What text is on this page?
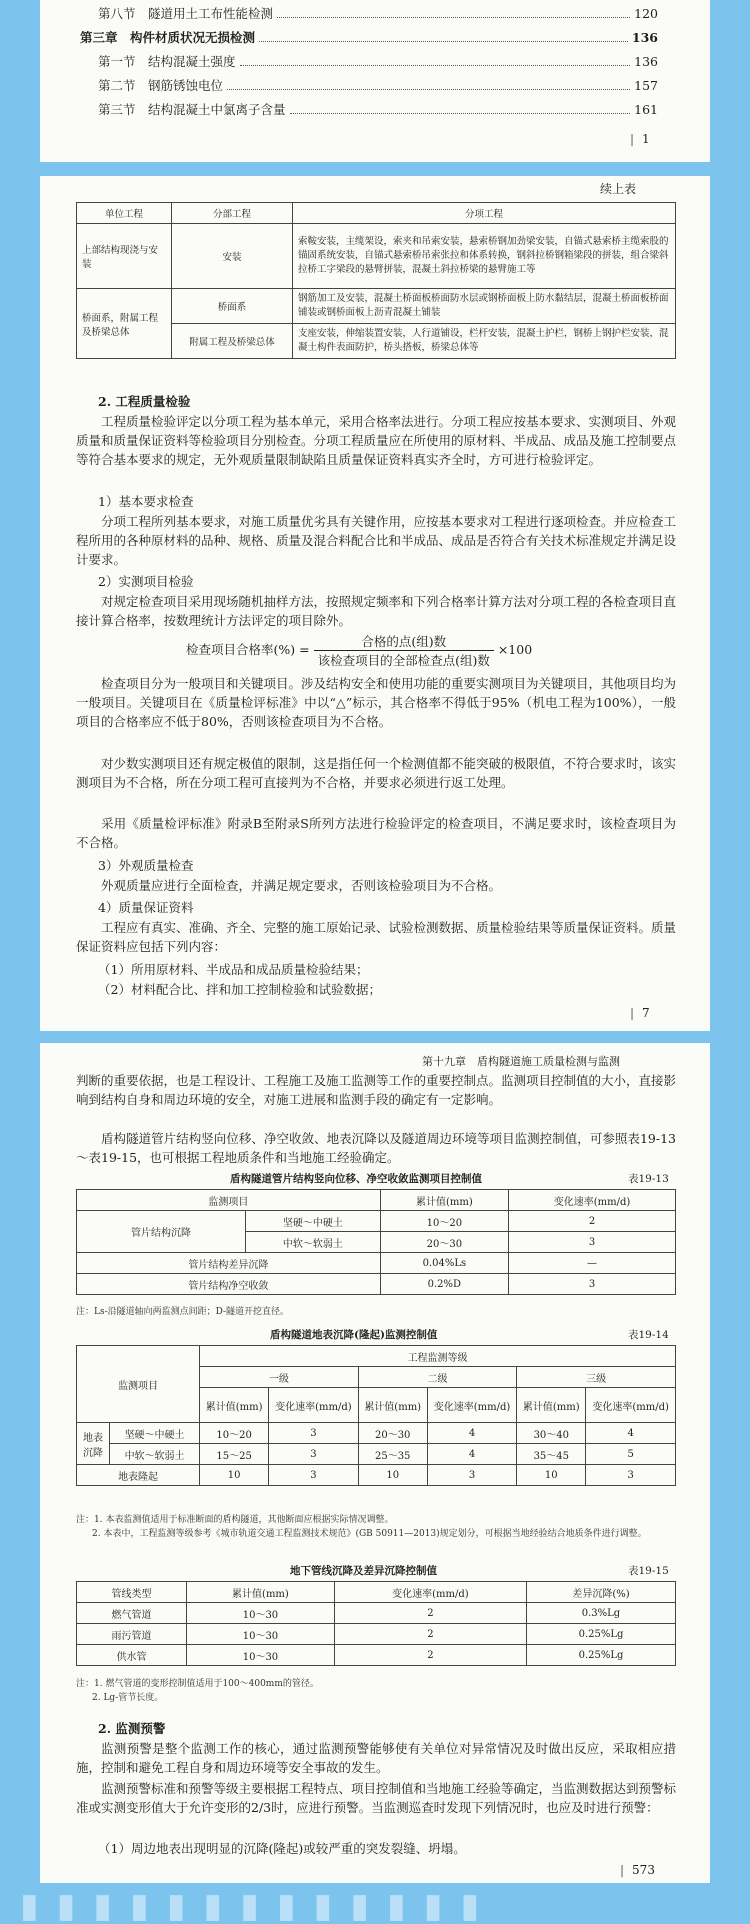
第八节　隧道用土工布性能检测	120
第三章　构件材质状况无损检测	136
第一节　结构混凝土强度	136
第二节　钢筋锈蚀电位	157
第三节　结构混凝土中氯离子含量	161
| 1
续上表
单位工程	分部工程	分项工程
上部结构现浇与安装	安装	索鞍安装，主缆架设，索夹和吊索安装，悬索桥钢加劲梁安装，自锚式悬索桥主缆索股的锚固系统安装，自锚式悬索桥吊索张拉和体系转换，钢斜拉桥钢箱梁段的拼装，组合梁斜拉桥工字梁段的悬臂拼装，混凝土斜拉桥梁的悬臂施工等
桥面系，附属工程及桥梁总体	桥面系	钢筋加工及安装，混凝土桥面板桥面防水层或钢桥面板上防水黏结层，混凝土桥面板桥面铺装或钢桥面板上沥青混凝土铺装
	附属工程及桥梁总体	支座安装，伸缩装置安装，人行道铺设，栏杆安装，混凝土护栏，钢桥上钢护栏安装，混凝土构件表面防护，桥头搭板，桥梁总体等
2. 工程质量检验
工程质量检验评定以分项工程为基本单元，采用合格率法进行。分项工程应按基本要求、实测项目、外观质量和质量保证资料等检验项目分别检查。分项工程质量应在所使用的原材料、半成品、成品及施工控制要点等符合基本要求的规定，无外观质量限制缺陷且质量保证资料真实齐全时，方可进行检验评定。
1）基本要求检查
分项工程所列基本要求，对施工质量优劣具有关键作用，应按基本要求对工程进行逐项检查。并应检查工程所用的各种原材料的品种、规格、质量及混合料配合比和半成品、成品是否符合有关技术标准规定并满足设计要求。
2）实测项目检验
对规定检查项目采用现场随机抽样方法，按照规定频率和下列合格率计算方法对分项工程的各检查项目直接计算合格率，按数理统计方法评定的项目除外。
检查项目合格率(%) = $\frac{\text{合格的点(组)数}}{\text{该检查项目的全部检查点(组)数}} \times 100$
检查项目分为一般项目和关键项目。涉及结构安全和使用功能的重要实测项目为关键项目，其他项目均为一般项目。关键项目在《质量检评标准》中以“△”标示，其合格率不得低于95%（机电工程为100%），一般项目的合格率应不低于80%，否则该检查项目为不合格。
对少数实测项目还有规定极值的限制，这是指任何一个检测值都不能突破的极限值，不符合要求时，该实测项目为不合格，所在分项工程可直接判为不合格，并要求必须进行返工处理。
采用《质量检评标准》附录B至附录S所列方法进行检验评定的检查项目，不满足要求时，该检查项目为不合格。
3）外观质量检查
外观质量应进行全面检查，并满足规定要求，否则该检验项目为不合格。
4）质量保证资料
工程应有真实、准确、齐全、完整的施工原始记录、试验检测数据、质量检验结果等质量保证资料。质量保证资料应包括下列内容：
（1）所用原材料、半成品和成品质量检验结果；
（2）材料配合比、拌和加工控制检验和试验数据；
| 7
第十九章　盾构隧道施工质量检测与监测
判断的重要依据，也是工程设计、工程施工及施工监测等工作的重要控制点。监测项目控制值的大小，直接影响到结构自身和周边环境的安全，对施工进展和监测手段的确定有一定影响。
盾构隧道管片结构竖向位移、净空收敛、地表沉降以及隧道周边环境等项目监测控制值，可参照表19-13～表19-15，也可根据工程地质条件和当地施工经验确定。
盾构隧道管片结构竖向位移、净空收敛监测项目控制值	表19-13
监测项目		累计值(mm)	变化速率(mm/d)
管片结构沉降	坚硬～中硬土	10～20	2
	中软～软弱土	20～30	3
管片结构差异沉降		0.04%Ls	—
管片结构净空收敛		0.2%D	3
注：Ls-沿隧道轴向两监测点间距；D-隧道开挖直径。
盾构隧道地表沉降(隆起)监测控制值	表19-14
监测项目		工程监测等级					
		一级		二级		三级	
		累计值(mm)	变化速率(mm/d)	累计值(mm)	变化速率(mm/d)	累计值(mm)	变化速率(mm/d)
地表沉降	坚硬～中硬土	10～20	3	20～30	4	30～40	4
	中软～软弱土	15～25	3	25～35	4	35～45	5
地表隆起		10	3	10	3	10	3
注：1. 本表监测值适用于标准断面的盾构隧道，其他断面应根据实际情况调整。
2. 本表中，工程监测等级参考《城市轨道交通工程监测技术规范》(GB 50911—2013)规定划分，可根据当地经验结合地质条件进行调整。
地下管线沉降及差异沉降控制值	表19-15
管线类型	累计值(mm)	变化速率(mm/d)	差异沉降(%)
燃气管道	10～30	2	0.3%Lg
雨污管道	10～30	2	0.25%Lg
供水管	10～30	2	0.25%Lg
注：1. 燃气管道的变形控制值适用于100～400mm的管径。
2. Lg-管节长度。
2. 监测预警
监测预警是整个监测工作的核心，通过监测预警能够使有关单位对异常情况及时做出反应，采取相应措施，控制和避免工程自身和周边环境等安全事故的发生。
监测预警标准和预警等级主要根据工程特点、项目控制值和当地施工经验等确定，当监测数据达到预警标准或实测变形值大于允许变形的2/3时，应进行预警。当监测巡查时发现下列情况时，也应及时进行预警：
（1）周边地表出现明显的沉降(隆起)或较严重的突发裂缝、坍塌。
| 573
▮▮▮▮▮▮▮▮▮▮▮▮▮
